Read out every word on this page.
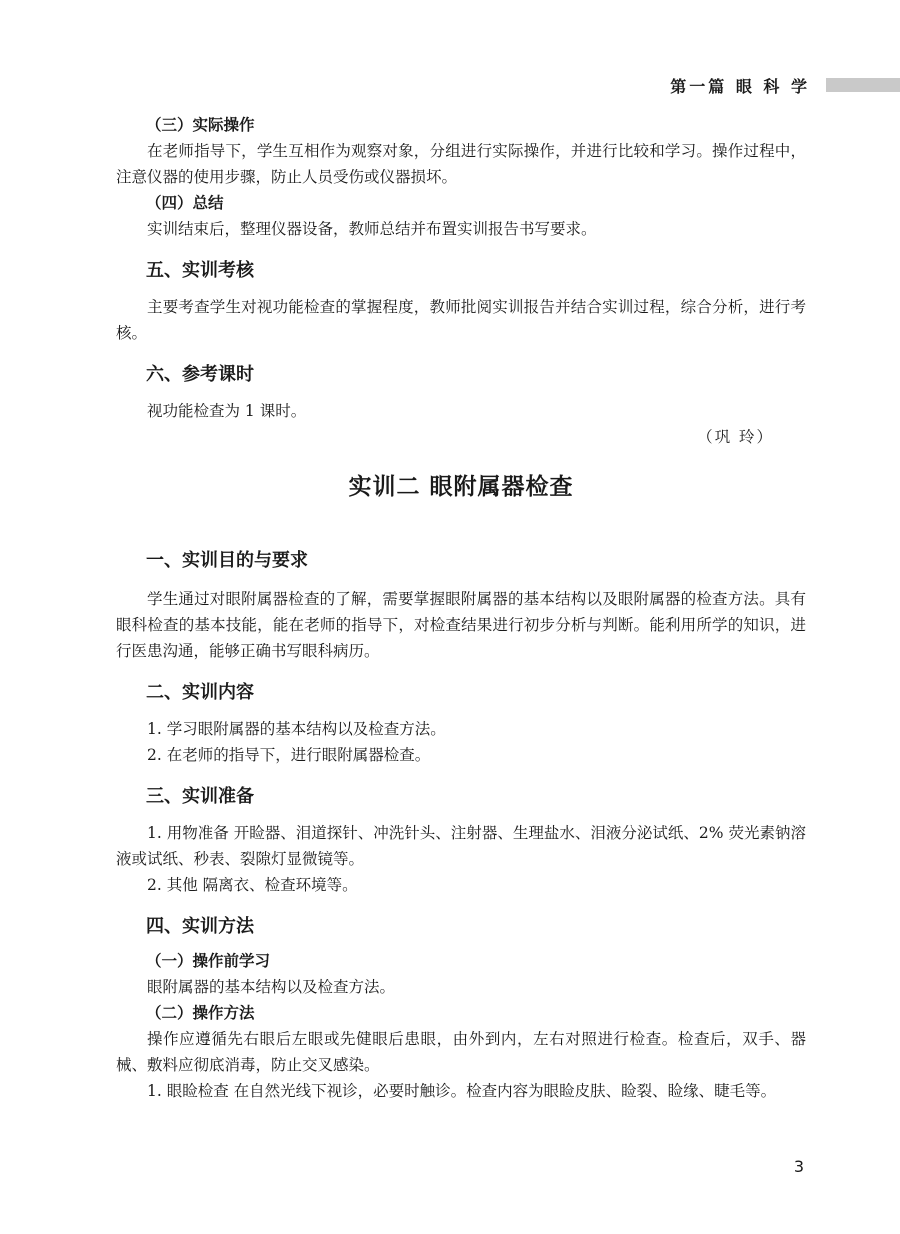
第一篇 眼 科 学

（三）实际操作

在老师指导下，学生互相作为观察对象，分组进行实际操作，并进行比较和学习。操作过程中，注意仪器的使用步骤，防止人员受伤或仪器损坏。

（四）总结

实训结束后，整理仪器设备，教师总结并布置实训报告书写要求。

五、实训考核

主要考查学生对视功能检查的掌握程度，教师批阅实训报告并结合实训过程，综合分析，进行考核。

六、参考课时

视功能检查为 1 课时。

（巩 玲）

实训二 眼附属器检查

一、实训目的与要求

学生通过对眼附属器检查的了解，需要掌握眼附属器的基本结构以及眼附属器的检查方法。具有眼科检查的基本技能，能在老师的指导下，对检查结果进行初步分析与判断。能利用所学的知识，进行医患沟通，能够正确书写眼科病历。

二、实训内容

1. 学习眼附属器的基本结构以及检查方法。

2. 在老师的指导下，进行眼附属器检查。

三、实训准备

1. 用物准备 开睑器、泪道探针、冲洗针头、注射器、生理盐水、泪液分泌试纸、2% 荧光素钠溶液或试纸、秒表、裂隙灯显微镜等。

2. 其他 隔离衣、检查环境等。

四、实训方法

（一）操作前学习

眼附属器的基本结构以及检查方法。

（二）操作方法

操作应遵循先右眼后左眼或先健眼后患眼，由外到内，左右对照进行检查。检查后，双手、器械、敷料应彻底消毒，防止交叉感染。

1. 眼睑检查 在自然光线下视诊，必要时触诊。检查内容为眼睑皮肤、睑裂、睑缘、睫毛等。

3
